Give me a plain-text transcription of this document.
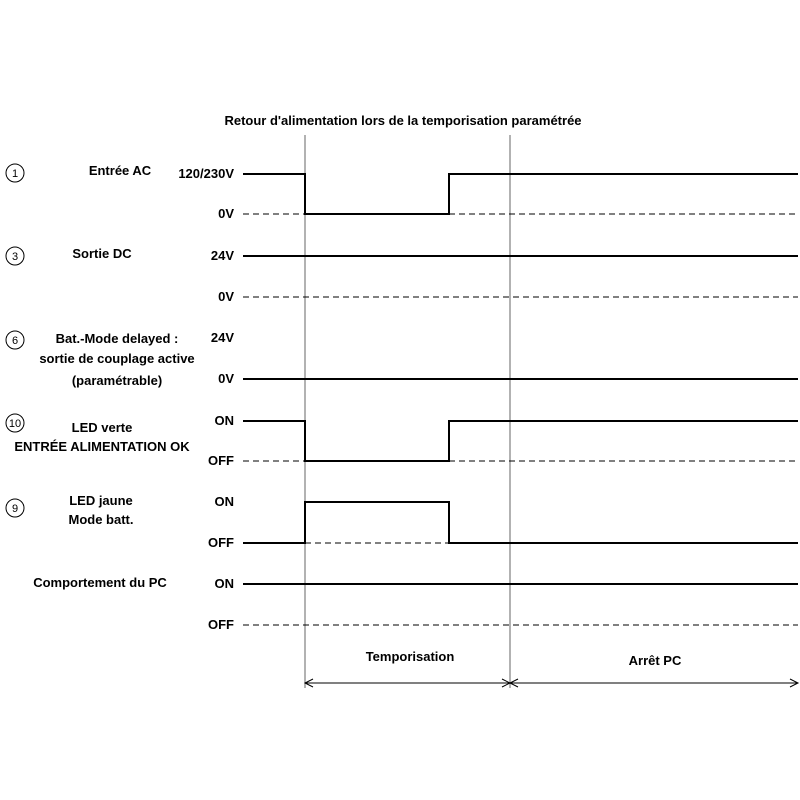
Retour d'alimentation lors de la temporisation paramétrée
1	Entrée AC 120/230V
0V
3	Sortie DC	24V
0V
6	Bat.-Mode delayed :
sortie de couplage active
(paramétrable)
24V
0V
10	LED verte
ENTRÉE ALIMENTATION OK
ON
OFF
9
LED jaune
Mode batt.
ON
OFF
Comportement du PC	ON
OFF
Temporisation	Arrêt PC
